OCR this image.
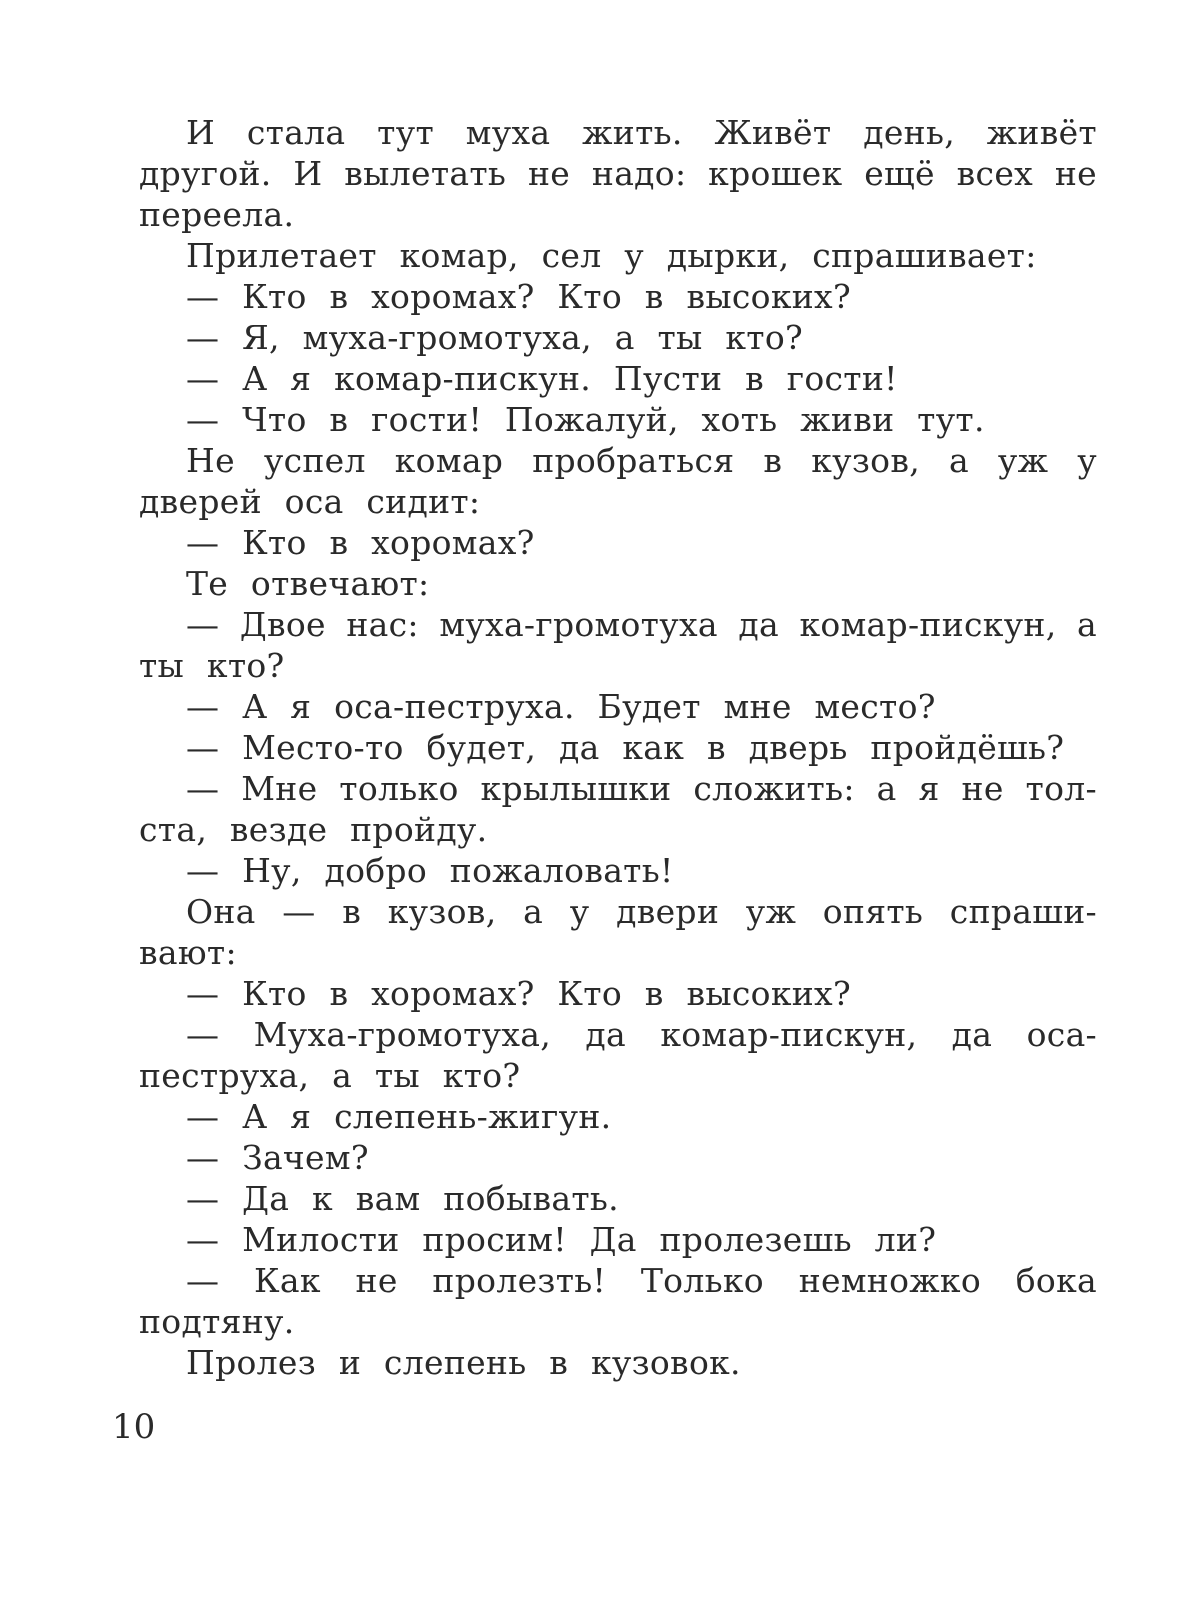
И стала тут муха жить. Живёт день, живёт
другой. И вылетать не надо: крошек ещё всех не
переела.
Прилетает комар, сел у дырки, спрашивает:
— Кто в хоромах? Кто в высоких?
— Я, муха-громотуха, а ты кто?
— А я комар-пискун. Пусти в гости!
— Что в гости! Пожалуй, хоть живи тут.
Не успел комар пробраться в кузов, а уж у
дверей оса сидит:
— Кто в хоромах?
Те отвечают:
— Двое нас: муха-громотуха да комар-пискун, а
ты кто?
— А я оса-пеструха. Будет мне место?
— Место-то будет, да как в дверь пройдёшь?
— Мне только крылышки сложить: а я не тол-
ста, везде пройду.
— Ну, добро пожаловать!
Она — в кузов, а у двери уж опять спраши-
вают:
— Кто в хоромах? Кто в высоких?
— Муха-громотуха, да комар-пискун, да оса-
пеструха, а ты кто?
— А я слепень-жигун.
— Зачем?
— Да к вам побывать.
— Милости просим! Да пролезешь ли?
— Как не пролезть! Только немножко бока
подтяну.
Пролез и слепень в кузовок.
10
